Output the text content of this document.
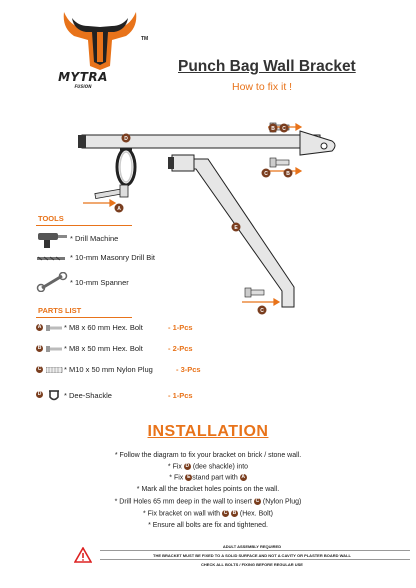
TM
MYTRA
FUSION
Punch Bag Wall Bracket
How to fix it !
D
A
E
B C
C	B
C
TOOLS
* Drill Machine
* 10-mm Masonry Drill Bit
* 10-mm Spanner
PARTS LIST
A	* M8 x 60 mm Hex. Bolt	- 1-Pcs
B	* M8 x 50 mm Hex. Bolt	- 2-Pcs
C	* M10 x 50 mm Nylon Plug	- 3-Pcs
D	* Dee-Shackle	- 1-Pcs
INSTALLATION
* Follow the diagram to fix your bracket on brick / stone wall.
* Fix D (dee shackle) into
* Fix E stand part with A
* Mark all the bracket holes points on the wall.
* Drill Holes 65 mm deep in the wall to insert C (Nylon Plug)
* Fix bracket on wall with C B (Hex. Bolt)
* Ensure all bolts are fix and tightened.
ADULT ASSEMBLY REQUIRED
THE BRACKET MUST BE FIXED TO A SOLID SURFACE AND NOT A CAVITY OR PLASTER BOARD WALL
CHECK ALL BOLTS / FIXING BEFORE REGULAR USE
